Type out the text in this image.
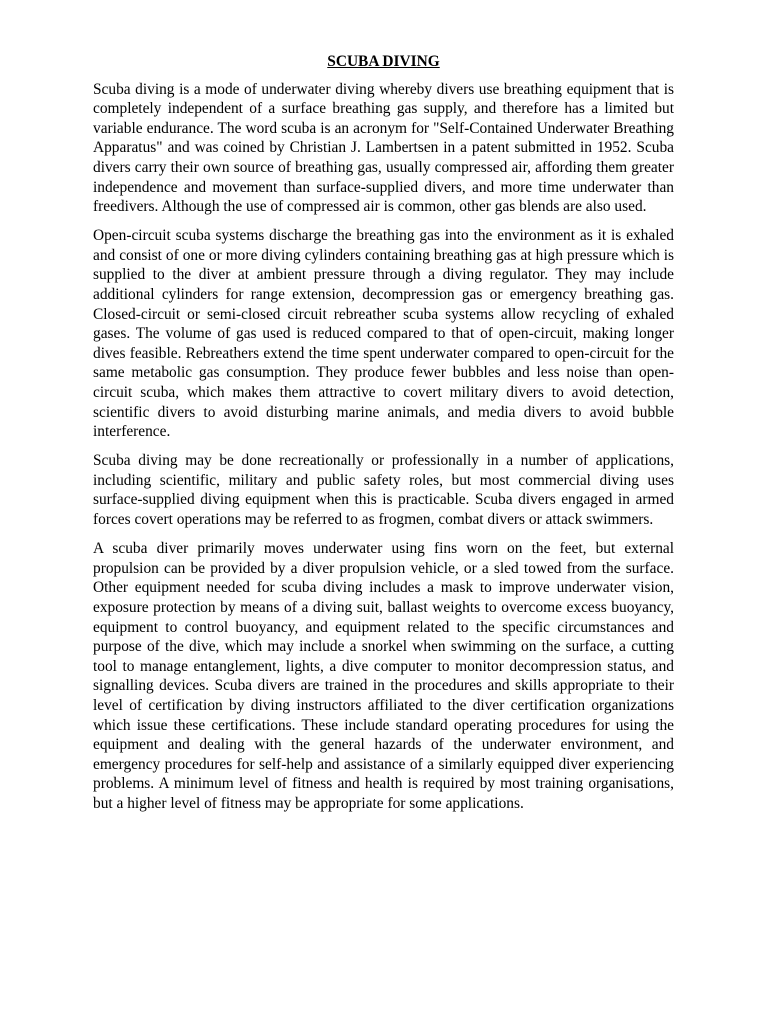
SCUBA DIVING

Scuba diving is a mode of underwater diving whereby divers use breathing equipment that is completely independent of a surface breathing gas supply, and therefore has a limited but variable endurance. The word scuba is an acronym for "Self-Contained Underwater Breathing Apparatus" and was coined by Christian J. Lambertsen in a patent submitted in 1952. Scuba divers carry their own source of breathing gas, usually compressed air, affording them greater independence and movement than surface-supplied divers, and more time underwater than freedivers. Although the use of compressed air is common, other gas blends are also used.

Open-circuit scuba systems discharge the breathing gas into the environment as it is exhaled and consist of one or more diving cylinders containing breathing gas at high pressure which is supplied to the diver at ambient pressure through a diving regulator. They may include additional cylinders for range extension, decompression gas or emergency breathing gas. Closed-circuit or semi-closed circuit rebreather scuba systems allow recycling of exhaled gases. The volume of gas used is reduced compared to that of open-circuit, making longer dives feasible. Rebreathers extend the time spent underwater compared to open-circuit for the same metabolic gas consumption. They produce fewer bubbles and less noise than open-circuit scuba, which makes them attractive to covert military divers to avoid detection, scientific divers to avoid disturbing marine animals, and media divers to avoid bubble interference.

Scuba diving may be done recreationally or professionally in a number of applications, including scientific, military and public safety roles, but most commercial diving uses surface-supplied diving equipment when this is practicable. Scuba divers engaged in armed forces covert operations may be referred to as frogmen, combat divers or attack swimmers.

A scuba diver primarily moves underwater using fins worn on the feet, but external propulsion can be provided by a diver propulsion vehicle, or a sled towed from the surface. Other equipment needed for scuba diving includes a mask to improve underwater vision, exposure protection by means of a diving suit, ballast weights to overcome excess buoyancy, equipment to control buoyancy, and equipment related to the specific circumstances and purpose of the dive, which may include a snorkel when swimming on the surface, a cutting tool to manage entanglement, lights, a dive computer to monitor decompression status, and signalling devices. Scuba divers are trained in the procedures and skills appropriate to their level of certification by diving instructors affiliated to the diver certification organizations which issue these certifications. These include standard operating procedures for using the equipment and dealing with the general hazards of the underwater environment, and emergency procedures for self-help and assistance of a similarly equipped diver experiencing problems. A minimum level of fitness and health is required by most training organisations, but a higher level of fitness may be appropriate for some applications.
